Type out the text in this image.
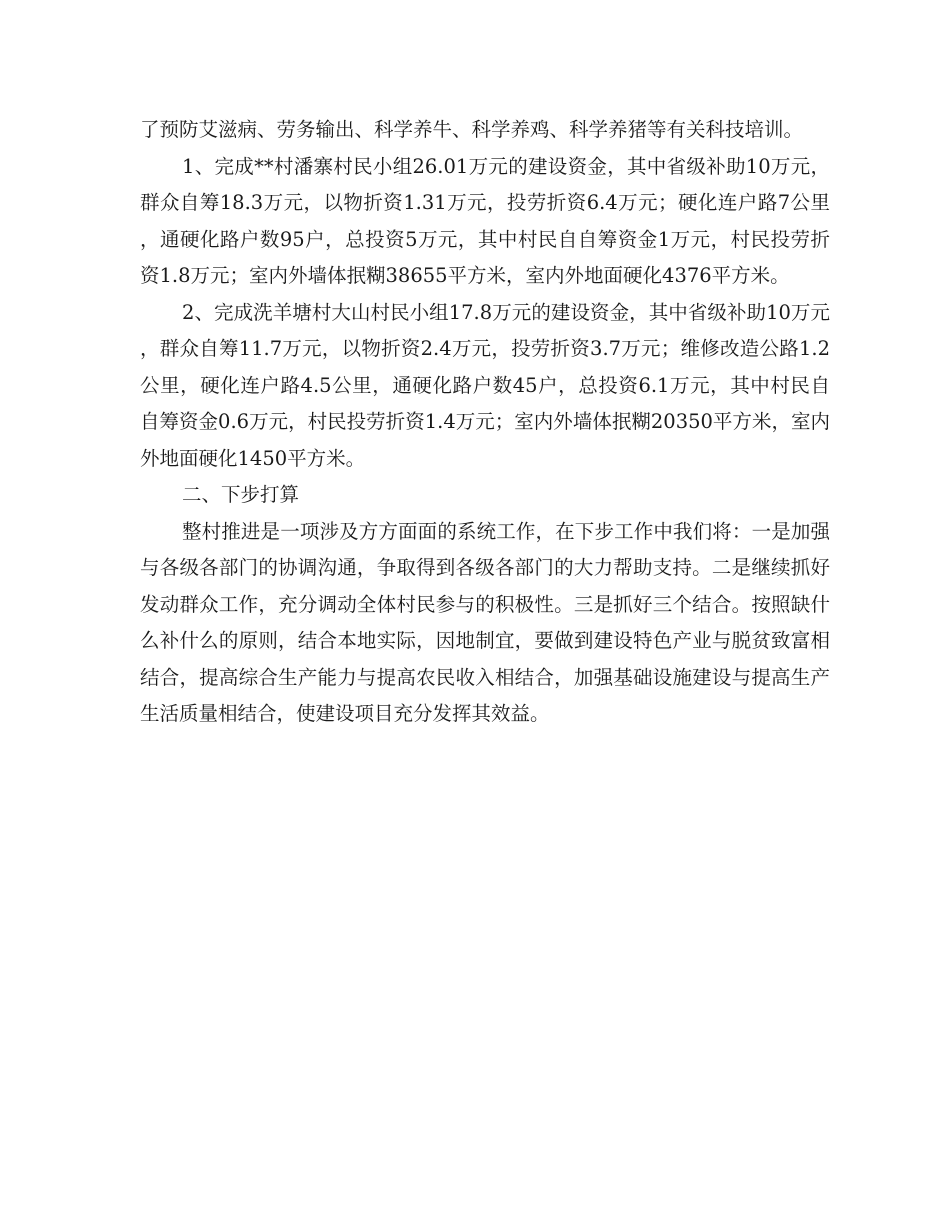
了预防艾滋病、劳务输出、科学养牛、科学养鸡、科学养猪等有关科技培训。

1、完成**村潘寨村民小组26.01万元的建设资金，其中省级补助10万元，群众自筹18.3万元，以物折资1.31万元，投劳折资6.4万元；硬化连户路7公里，通硬化路户数95户，总投资5万元，其中村民自自筹资金1万元，村民投劳折资1.8万元；室内外墙体抿糊38655平方米，室内外地面硬化4376平方米。

2、完成洗羊塘村大山村民小组17.8万元的建设资金，其中省级补助10万元，群众自筹11.7万元，以物折资2.4万元，投劳折资3.7万元；维修改造公路1.2公里，硬化连户路4.5公里，通硬化路户数45户，总投资6.1万元，其中村民自自筹资金0.6万元，村民投劳折资1.4万元；室内外墙体抿糊20350平方米，室内外地面硬化1450平方米。

二、下步打算

整村推进是一项涉及方方面面的系统工作，在下步工作中我们将：一是加强与各级各部门的协调沟通，争取得到各级各部门的大力帮助支持。二是继续抓好发动群众工作，充分调动全体村民参与的积极性。三是抓好三个结合。按照缺什么补什么的原则，结合本地实际，因地制宜，要做到建设特色产业与脱贫致富相结合，提高综合生产能力与提高农民收入相结合，加强基础设施建设与提高生产生活质量相结合，使建设项目充分发挥其效益。
